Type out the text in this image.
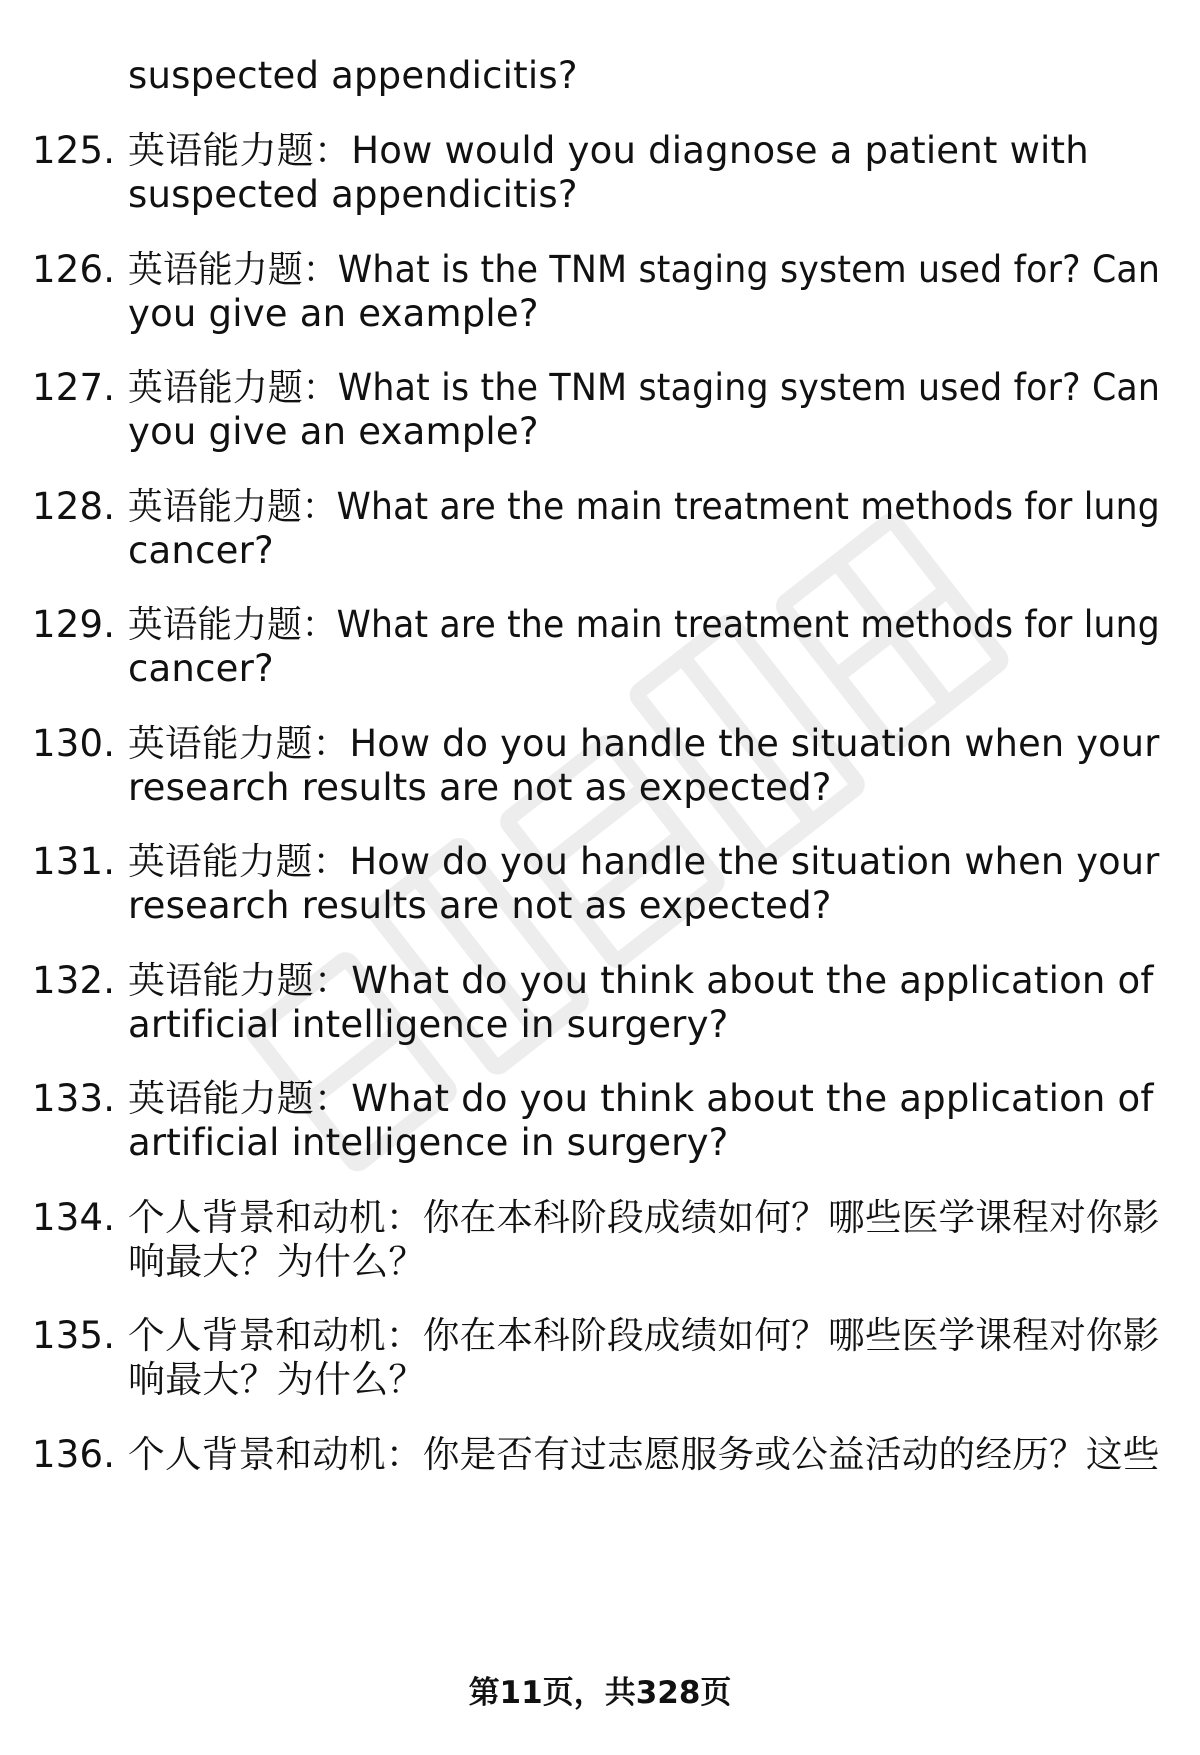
suspected appendicitis?
125. 英语能力题：How would you diagnose a patient with
suspected appendicitis?
126. 英语能力题：What is the TNM staging system used for? Can
you give an example?
127. 英语能力题：What is the TNM staging system used for? Can
you give an example?
128. 英语能力题：What are the main treatment methods for lung
cancer?
129. 英语能力题：What are the main treatment methods for lung
cancer?
130. 英语能力题：How do you handle the situation when your
research results are not as expected?
131. 英语能力题：How do you handle the situation when your
research results are not as expected?
132. 英语能力题：What do you think about the application of
artificial intelligence in surgery?
133. 英语能力题：What do you think about the application of
artificial intelligence in surgery?
134. 个人背景和动机：你在本科阶段成绩如何？哪些医学课程对你影
响最大？为什么？
135. 个人背景和动机：你在本科阶段成绩如何？哪些医学课程对你影
响最大？为什么？
136. 个人背景和动机：你是否有过志愿服务或公益活动的经历？这些
第11页，共328页
